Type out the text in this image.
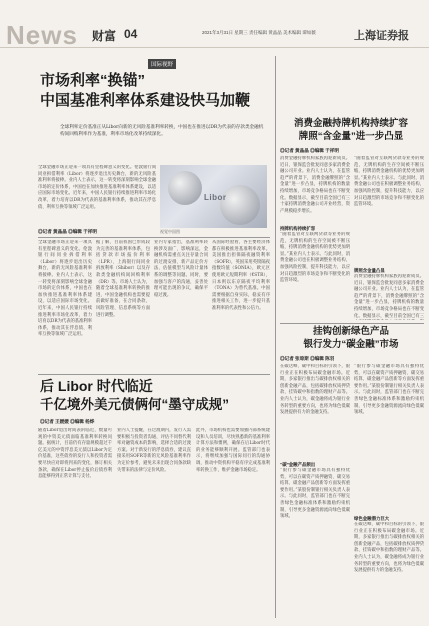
News 财富 04	2021年3月31日 星期三 责任编辑 黄晶晶 美术编辑 谭如薇	上海证券报
国际视野
市场利率“换锚”
中国基准利率体系建设快马加鞭
全球利率定价基准正从Libor向新的无风险基准利率转换，中国也在推进以DR为代表的存款类金融机构间回购利率作为基准，利率市场化改革持续深化。
Libor
视觉中国图
◎记者 黄晶晶 ◎编辑 于祥明
全球金融市场正迎来一项具有里程碑意义的变化。伦敦银行间同业拆借利率（Libor）将逐步退出历史舞台，新的无风险基准利率将接棒。业内人士表示，这一转变将深刻影响全球金融市场的定价体系，中国也在加快推进基准利率体系建设，以适应国际市场变化。近年来，中国人民银行持续推进利率市场化改革，着力培育以DR为代表的基准利率体系，推动其在浮息债、利率互换等领域广泛运用。
据了解，目前我国已形成较为完善的基准利率体系，包括贷款市场报价利率（LPR）、上海银行间同业拆放利率（Shibor）以及存款类金融机构间回购利率（DR）等。市场人士认为，随着全球基准利率转换的推进，中国金融机构也需要提前做好准备，在合同条款、风险管理、信息系统等方面进行调整。
业内专家指出，基准利率转换涉及面广、影响深远，金融机构需重点关注存量合同的过渡安排、新产品定价方法、估值模型与风险计量体系的调整等问题。同时，要加强与客户的沟通，妥善处理可能出现的争议，确保平稳过渡。
从国际经验看，各主要经济体都在积极推进基准利率改革。美国推出担保隔夜融资利率（SOFR），英国采用英镑隔夜指数均值（SONIA），欧元区使用欧元短期利率（€STR），日本则以东京隔夜平均利率（TONA）为替代基准。中国需要根据自身实际，稳妥有序推进相关工作，进一步提升基准利率的代表性和公信力。
全球金融市场正迎来一项具有里程碑意义的变化。伦敦银行间同业拆借利率（Libor）将逐步退出历史舞台，新的无风险基准利率将接棒。业内人士表示，这一转变将深刻影响全球金融市场的定价体系，中国也在加快推进基准利率体系建设，以适应国际市场变化。近年来，中国人民银行持续推进利率市场化改革，着力培育以DR为代表的基准利率体系，推动其在浮息债、利率互换等领域广泛运用。
后 Libor 时代临近
千亿境外美元债俩何“墨守成规”
◎记者 王媛媛 ◎编辑 杨烨
随着Libor退出时间表的临近，数量可观的中资美元债面临基准利率转换问题。据统计，目前仍有存量规模超过千亿美元的中资浮息美元债以Libor为定价基准，这些债券的发行人和投资者需要尽快应对即将到来的变化，修订相关条款，确保在Libor停止报价后债券利息能够得到正常计算与支付。
业内人士提醒，在过渡期内，发行人需要积极与投资者沟通，评估不同替代利率对融资成本的影响，选择合适的过渡方案。对于新发行的浮息债券，建议直接采用SOFR等新的无风险基准利率作为定价参考，避免未来出现合同条款缺失带来的法律与定价风险。
此外，市场机构也需要加强内部系统建设和人员培训，尽快熟悉新的基准利率计算方法和惯例，确保在后Libor时代的业务能够顺利开展。监管部门也表示，将继续加强与国际同行的沟通协调，推动中资机构平稳有序完成基准利率转换工作，维护金融市场稳定。
消费金融持牌机构持续扩容
牌照“含金量”进一步凸显
◎记者 黄晶晶 ◎编辑 于祥明
消费金融持牌机构家族再迎新成员。近日，银保监会批复同意多家消费金融公司开业。业内人士认为，在监管趋严的背景下，消费金融牌照的“含金量”进一步凸显，持牌机构的数量持续增加，市场竞争格局也在不断变化。数据显示，截至目前全国已有三十家持牌消费金融公司开业经营，资产规模稳步增长。
持牌机构持续扩容
“随着监管对互联网贷款等业务的规范，无牌机构的生存空间被不断压缩，持牌消费金融机构的优势更加明显。”某业内人士表示。与此同时，消费金融公司也在积极调整业务结构，加强风险控制，提升科技能力，以应对日趋激烈的市场竞争和不断变化的监管环境。
“随着监管对互联网贷款等业务的规范，无牌机构的生存空间被不断压缩，持牌消费金融机构的优势更加明显。”某业内人士表示。与此同时，消费金融公司也在积极调整业务结构，加强风险控制，提升科技能力，以应对日趋激烈的市场竞争和不断变化的监管环境。
牌照含金量凸显
消费金融持牌机构家族再迎新成员。近日，银保监会批复同意多家消费金融公司开业。业内人士认为，在监管趋严的背景下，消费金融牌照的“含金量”进一步凸显，持牌机构的数量持续增加，市场竞争格局也在不断变化。数据显示，截至目前全国已有三
挂钩创新绿色产品
银行发力“碳金融”市场
◎记者 张琼斯 ◎编辑 陈羽
在碳达峰、碳中和目标的引领下，银行业正在积极布局碳金融市场。近期，多家银行推出与碳排放权相关的创新金融产品，包括碳排放权质押贷款、挂钩碳中和指数的理财产品等。业内人士认为，碳金融将成为银行业务转型的重要方向，也将为绿色低碳发展提供有力的金融支持。
“碳”金融产品频出
“银行参与碳金融市场具有独特优势，可以在碳资产质押融资、碳交易结算、碳金融产品创新等方面发挥重要作用。”某股份制银行相关负责人表示。与此同时，监管部门也在不断完善绿色金融标准体系和激励约束机制，引导更多金融资源流向绿色低碳领域。
“银行参与碳金融市场具有独特优势，可以在碳资产质押融资、碳交易结算、碳金融产品创新等方面发挥重要作用。”某股份制银行相关负责人表示。与此同时，监管部门也在不断完善绿色金融标准体系和激励约束机制，引导更多金融资源流向绿色低碳领域。
绿色金融潜力巨大
在碳达峰、碳中和目标的引领下，银行业正在积极布局碳金融市场。近期，多家银行推出与碳排放权相关的创新金融产品，包括碳排放权质押贷款、挂钩碳中和指数的理财产品等。业内人士认为，碳金融将成为银行业务转型的重要方向，也将为绿色低碳发展提供有力的金融支持。
